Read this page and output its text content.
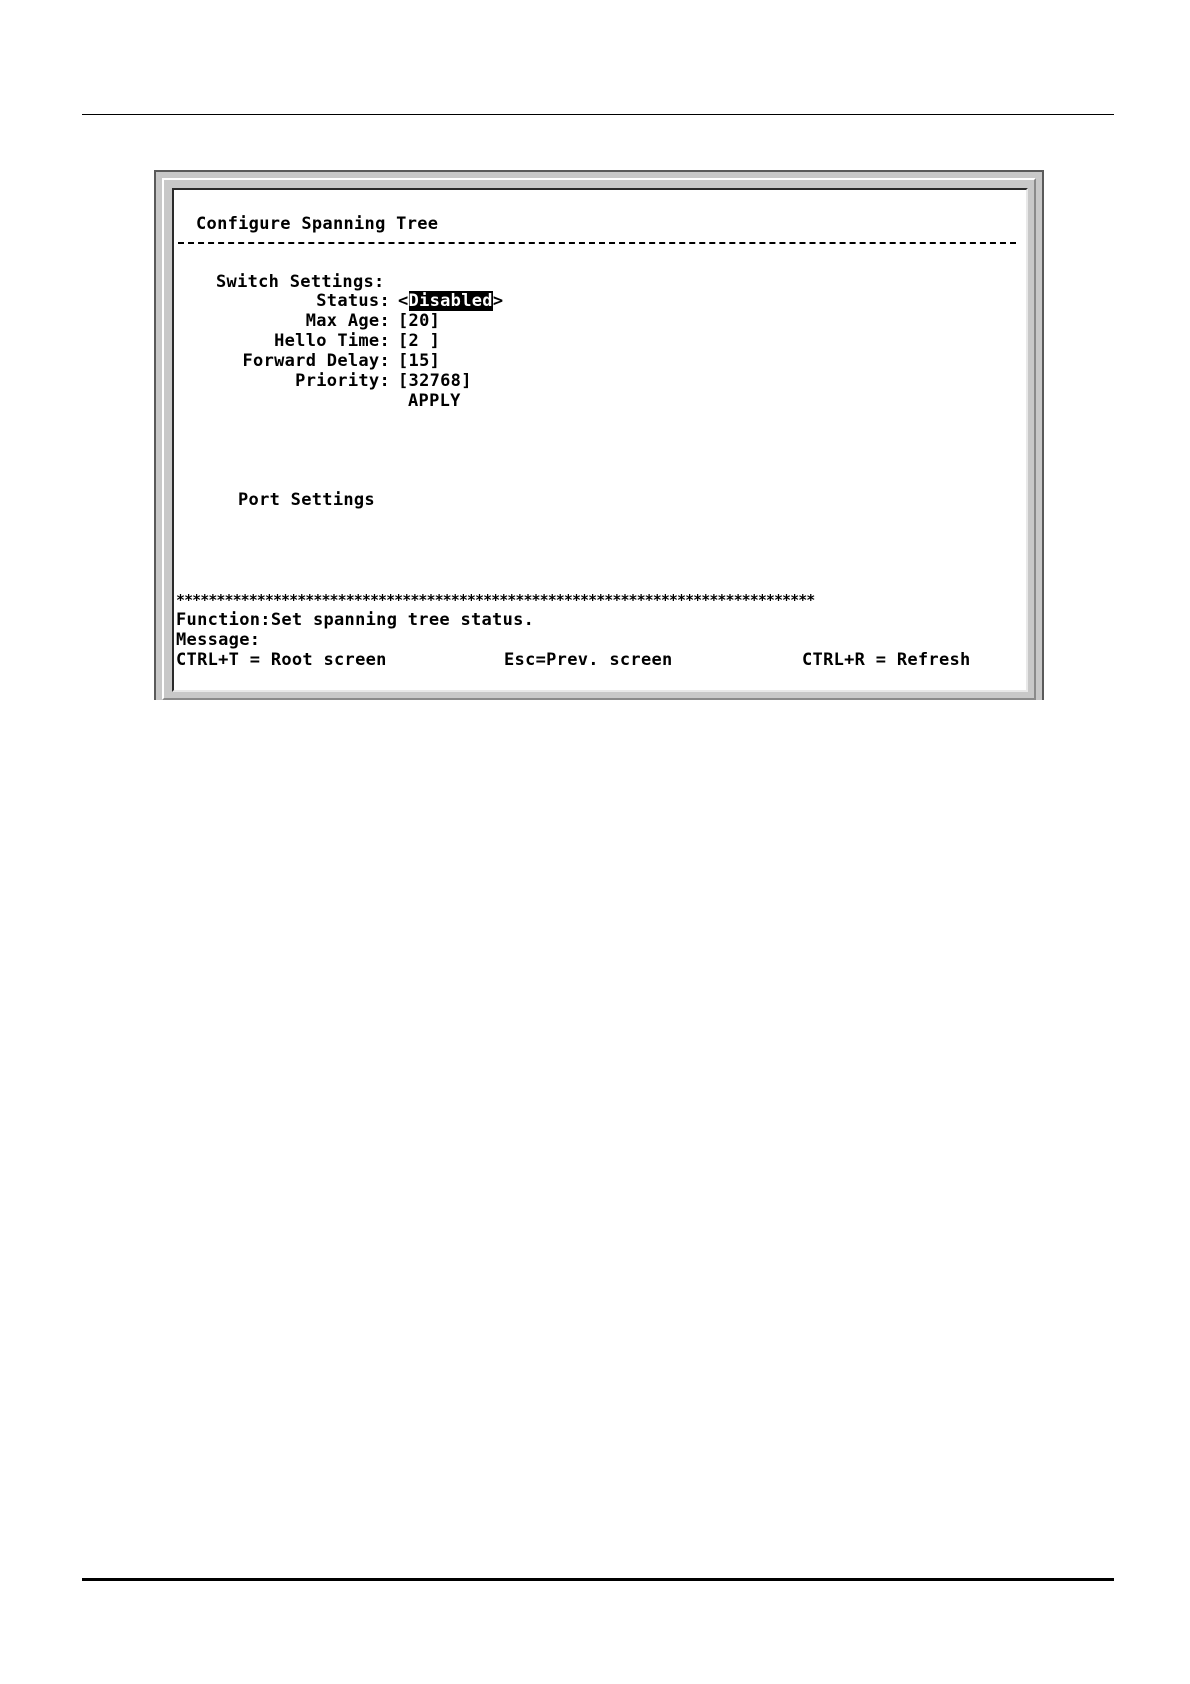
Configure Spanning Tree
Switch Settings:
Status: <Disabled>
Max Age: [20]
Hello Time: [2 ]
Forward Delay: [15]
Priority: [32768]
APPLY
Port Settings
*******************************************************************************
Function:Set spanning tree status.
Message:
CTRL+T = Root screen	Esc=Prev. screen	CTRL+R = Refresh
